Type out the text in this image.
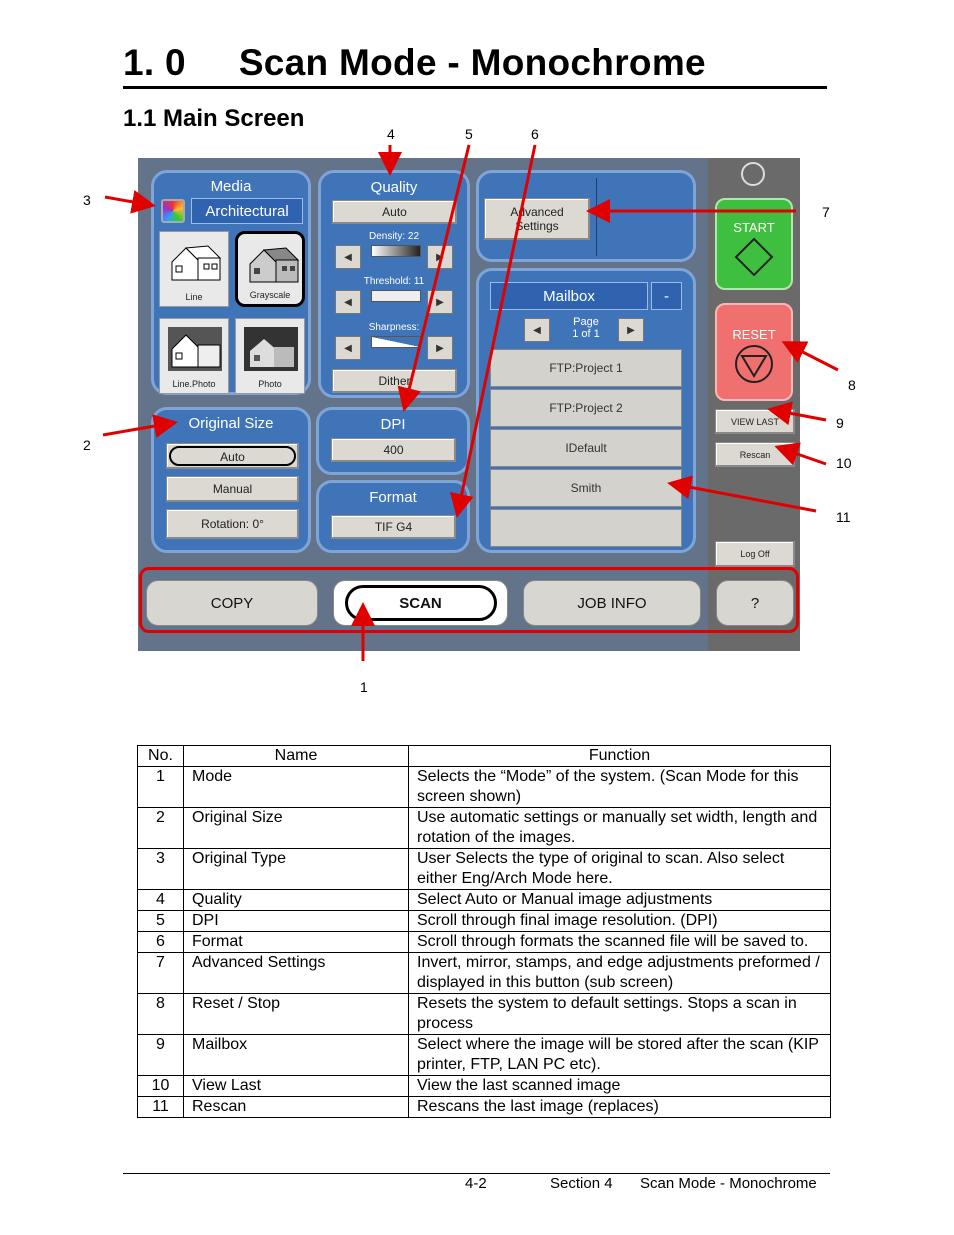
1. 0     Scan Mode - Monochrome
1.1 Main Screen
4	5	6
3
2
7
8
9
10
11
1
Media
Architectural
Line	Grayscale
Line.Photo	Photo
Quality
Auto
Density: 22
◀	▶
Threshold: 11
◀	▶
Sharpness:
◀	▶
Dither
Advanced
Settings
Original Size
Auto
Manual
Rotation: 0°
DPI
400
Format
TIF G4
Mailbox	-
◀
Page
1 of 1	▶
FTP:Project 1
FTP:Project 2
IDefault
Smith
START
RESET
VIEW LAST
Rescan
Log Off
COPY	SCAN	JOB INFO	?
No.	Name	Function
1	Mode	Selects the “Mode” of the system. (Scan Mode for this screen shown)
2	Original Size	Use automatic settings or manually set width, length and rotation of the images.
3	Original Type	User Selects the type of original to scan. Also select either Eng/Arch Mode here.
4	Quality	Select Auto or Manual image adjustments
5	DPI	Scroll through final image resolution. (DPI)
6	Format	Scroll through formats the scanned file will be saved to.
7	Advanced Settings	Invert, mirror, stamps, and edge adjustments preformed / displayed in this button (sub screen)
8	Reset / Stop	Resets the system to default settings. Stops a scan in process
9	Mailbox	Select where the image will be stored after the scan (KIP printer, FTP, LAN PC etc).
10	View Last	View the last scanned image
11	Rescan	Rescans the last image (replaces)
4-2	Section 4 Scan Mode - Monochrome
